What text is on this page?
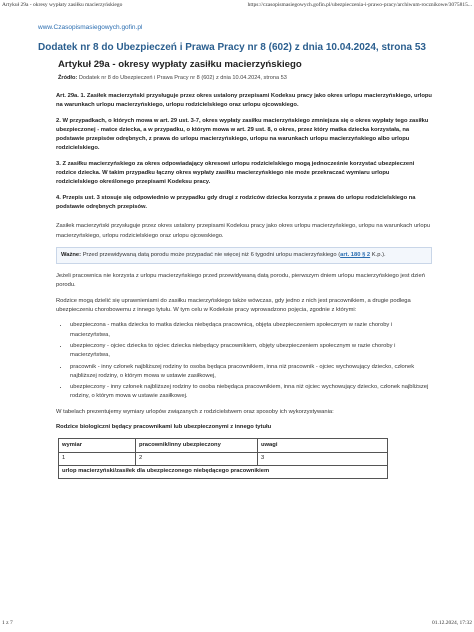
Artykuł 29a - okresy wypłaty zasiłku macierzyńskiego	https://czasopismasiegowych.gofin.pl/ubezpieczenia-i-prawo-pracy/archiwum-rocznikowe/3075815...
www.Czasopismasiegowych.gofin.pl
Dodatek nr 8 do Ubezpieczeń i Prawa Pracy nr 8 (602) z dnia 10.04.2024, strona 53
Artykuł 29a - okresy wypłaty zasiłku macierzyńskiego
Źródło: Dodatek nr 8 do Ubezpieczeń i Prawa Pracy nr 8 (602) z dnia 10.04.2024, strona 53
Art. 29a. 1. Zasiłek macierzyński przysługuje przez okres ustalony przepisami Kodeksu pracy jako okres urlopu macierzyńskiego, urlopu na warunkach urlopu macierzyńskiego, urlopu rodzicielskiego oraz urlopu ojcowskiego.
2. W przypadkach, o których mowa w art. 29 ust. 3-7, okres wypłaty zasiłku macierzyńskiego zmniejsza się o okres wypłaty tego zasiłku ubezpieczonej - matce dziecka, a w przypadku, o którym mowa w art. 29 ust. 8, o okres, przez który matka dziecka korzystała, na podstawie przepisów odrębnych, z prawa do urlopu macierzyńskiego, urlopu na warunkach urlopu macierzyńskiego albo urlopu rodzicielskiego.
3. Z zasiłku macierzyńskiego za okres odpowiadający okresowi urlopu rodzicielskiego mogą jednocześnie korzystać ubezpieczeni rodzice dziecka. W takim przypadku łączny okres wypłaty zasiłku macierzyńskiego nie może przekraczać wymiaru urlopu rodzicielskiego określonego przepisami Kodeksu pracy.
4. Przepis ust. 3 stosuje się odpowiednio w przypadku gdy drugi z rodziców dziecka korzysta z prawa do urlopu rodzicielskiego na podstawie odrębnych przepisów.

Zasiłek macierzyński przysługuje przez okres ustalony przepisami Kodeksu pracy jako okres urlopu macierzyńskiego, urlopu na warunkach urlopu macierzyńskiego, urlopu rodzicielskiego oraz urlopu ojcowskiego.

Ważne: Przed przewidywaną datą porodu może przypadać nie więcej niż 6 tygodni urlopu macierzyńskiego (art. 180 § 2 K.p.).

Jeżeli pracownica nie korzysta z urlopu macierzyńskiego przed przewidywaną datą porodu, pierwszym dniem urlopu macierzyńskiego jest dzień porodu.

Rodzice mogą dzielić się uprawnieniami do zasiłku macierzyńskiego także wówczas, gdy jedno z nich jest pracownikiem, a drugie podlega ubezpieczeniu chorobowemu z innego tytułu. W tym celu w Kodeksie pracy wprowadzono pojęcia, zgodnie z którymi:

• ubezpieczona - matka dziecka to matka dziecka niebędąca pracownicą, objęta ubezpieczeniem społecznym w razie choroby i macierzyństwa,
• ubezpieczony - ojciec dziecka to ojciec dziecka niebędący pracownikiem, objęty ubezpieczeniem społecznym w razie choroby i macierzyństwa,
• pracownik - inny członek najbliższej rodziny to osoba będąca pracownikiem, inna niż pracownik - ojciec wychowujący dziecko, członek najbliższej rodziny, o którym mowa w ustawie zasiłkowej,
• ubezpieczony - inny członek najbliższej rodziny to osoba niebędąca pracownikiem, inna niż ojciec wychowujący dziecko, członek najbliższej rodziny, o którym mowa w ustawie zasiłkowej.

W tabelach prezentujemy wymiary urlopów związanych z rodzicielstwem oraz sposoby ich wykorzystywania:

Rodzice biologiczni będący pracownikami lub ubezpieczonymi z innego tytułu
wymiar	pracownik/inny ubezpieczony	uwagi
1	2	3
urlop macierzyński/zasiłek dla ubezpieczonego niebędącego pracownikiem		
1 z 7	01.12.2024, 17:32
